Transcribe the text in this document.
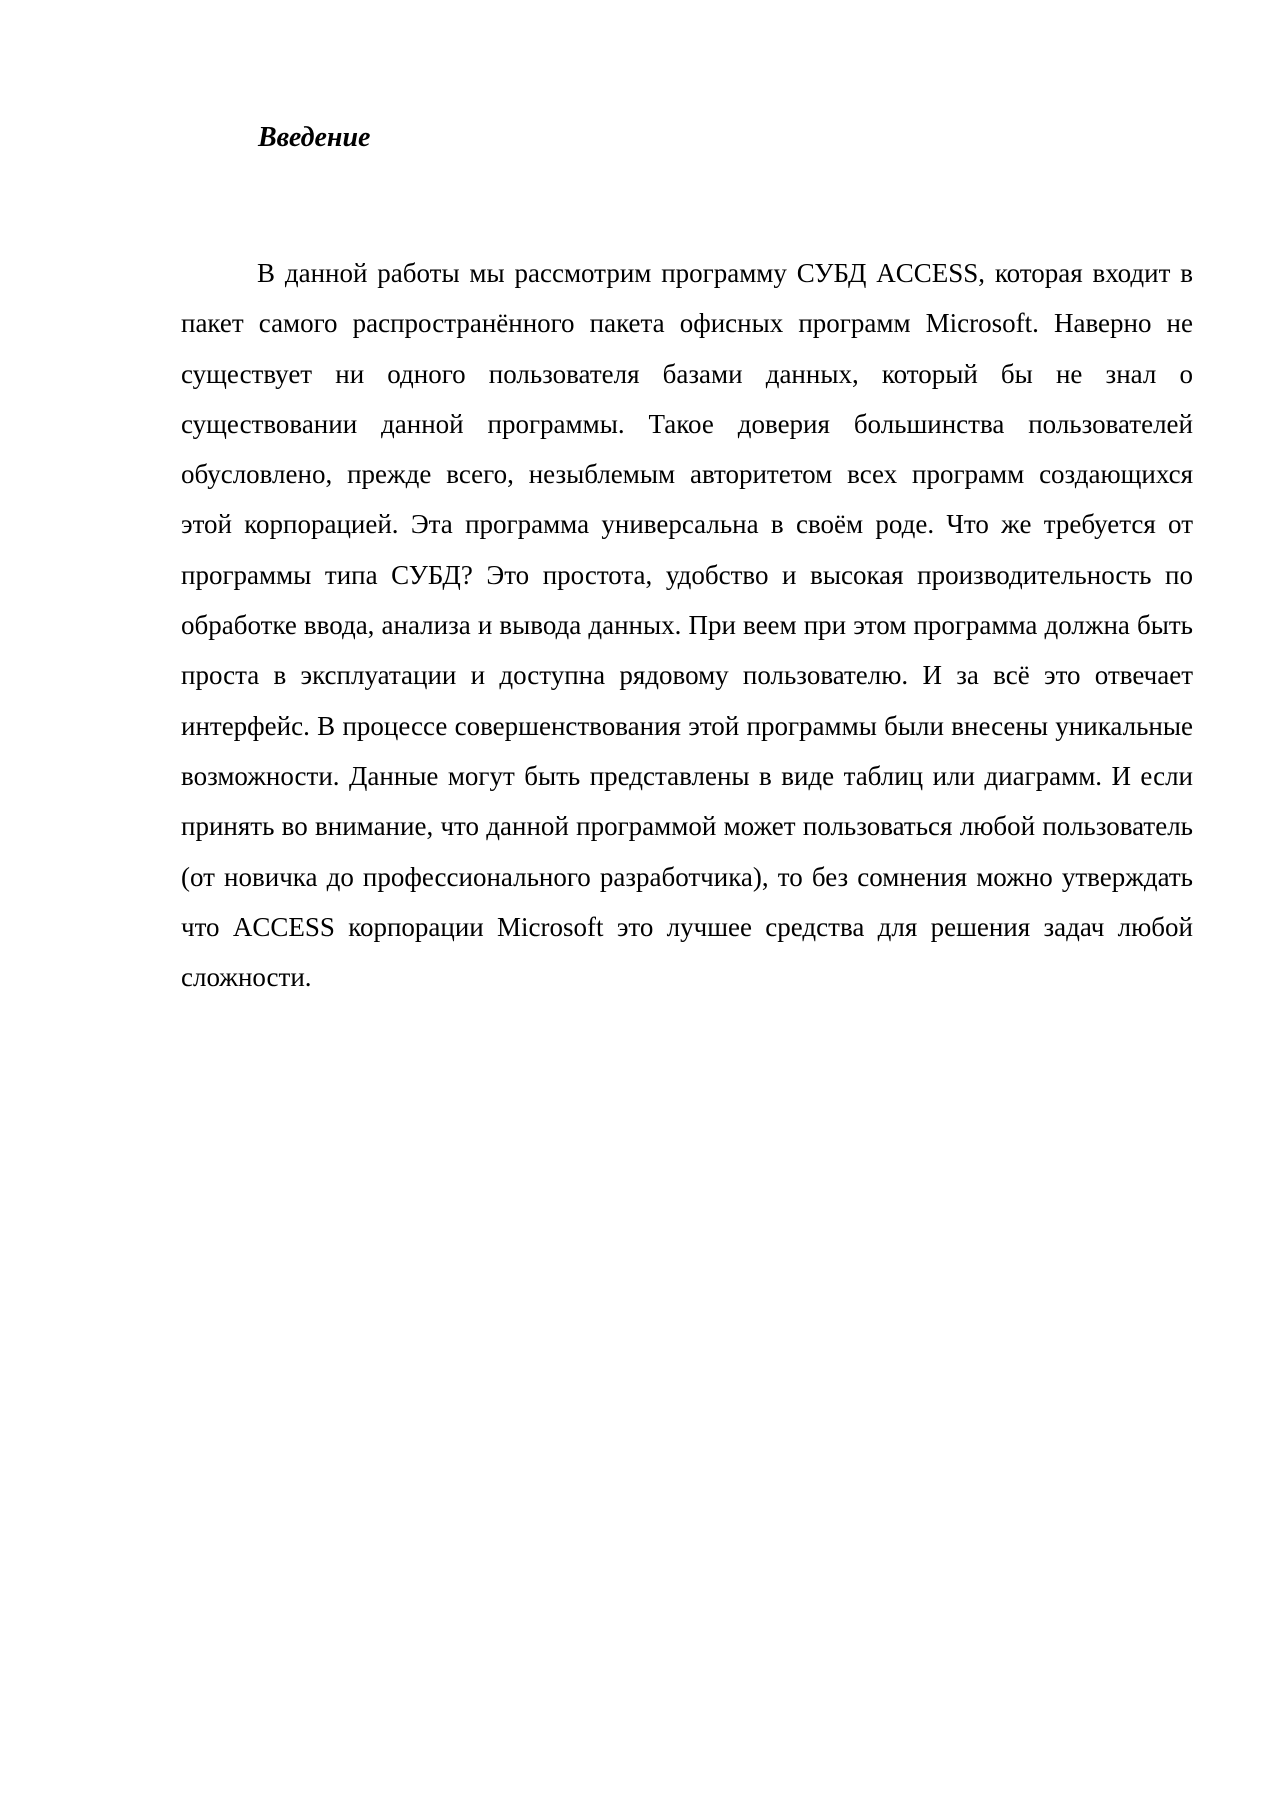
Введение

В данной работы мы рассмотрим программу СУБД ACCESS, которая входит в пакет самого распространённого пакета офисных программ Microsoft. Наверно не существует ни одного пользователя базами данных, который бы не знал о существовании данной программы. Такое доверия большинства пользователей обусловлено, прежде всего, незыблемым авторитетом всех программ создающихся этой корпорацией. Эта программа универсальна в своём роде. Что же требуется от программы типа СУБД? Это простота, удобство и высокая производительность по обработке ввода, анализа и вывода данных. При веем при этом программа должна быть проста в эксплуатации и доступна рядовому пользователю. И за всё это отвечает интерфейс. В процессе совершенствования этой программы были внесены уникальные возможности. Данные могут быть представлены в виде таблиц или диаграмм. И если принять во внимание, что данной программой может пользоваться любой пользователь (от новичка до профессионального разработчика), то без сомнения можно утверждать что ACCESS корпорации Microsoft это лучшее средства для решения задач любой сложности.
